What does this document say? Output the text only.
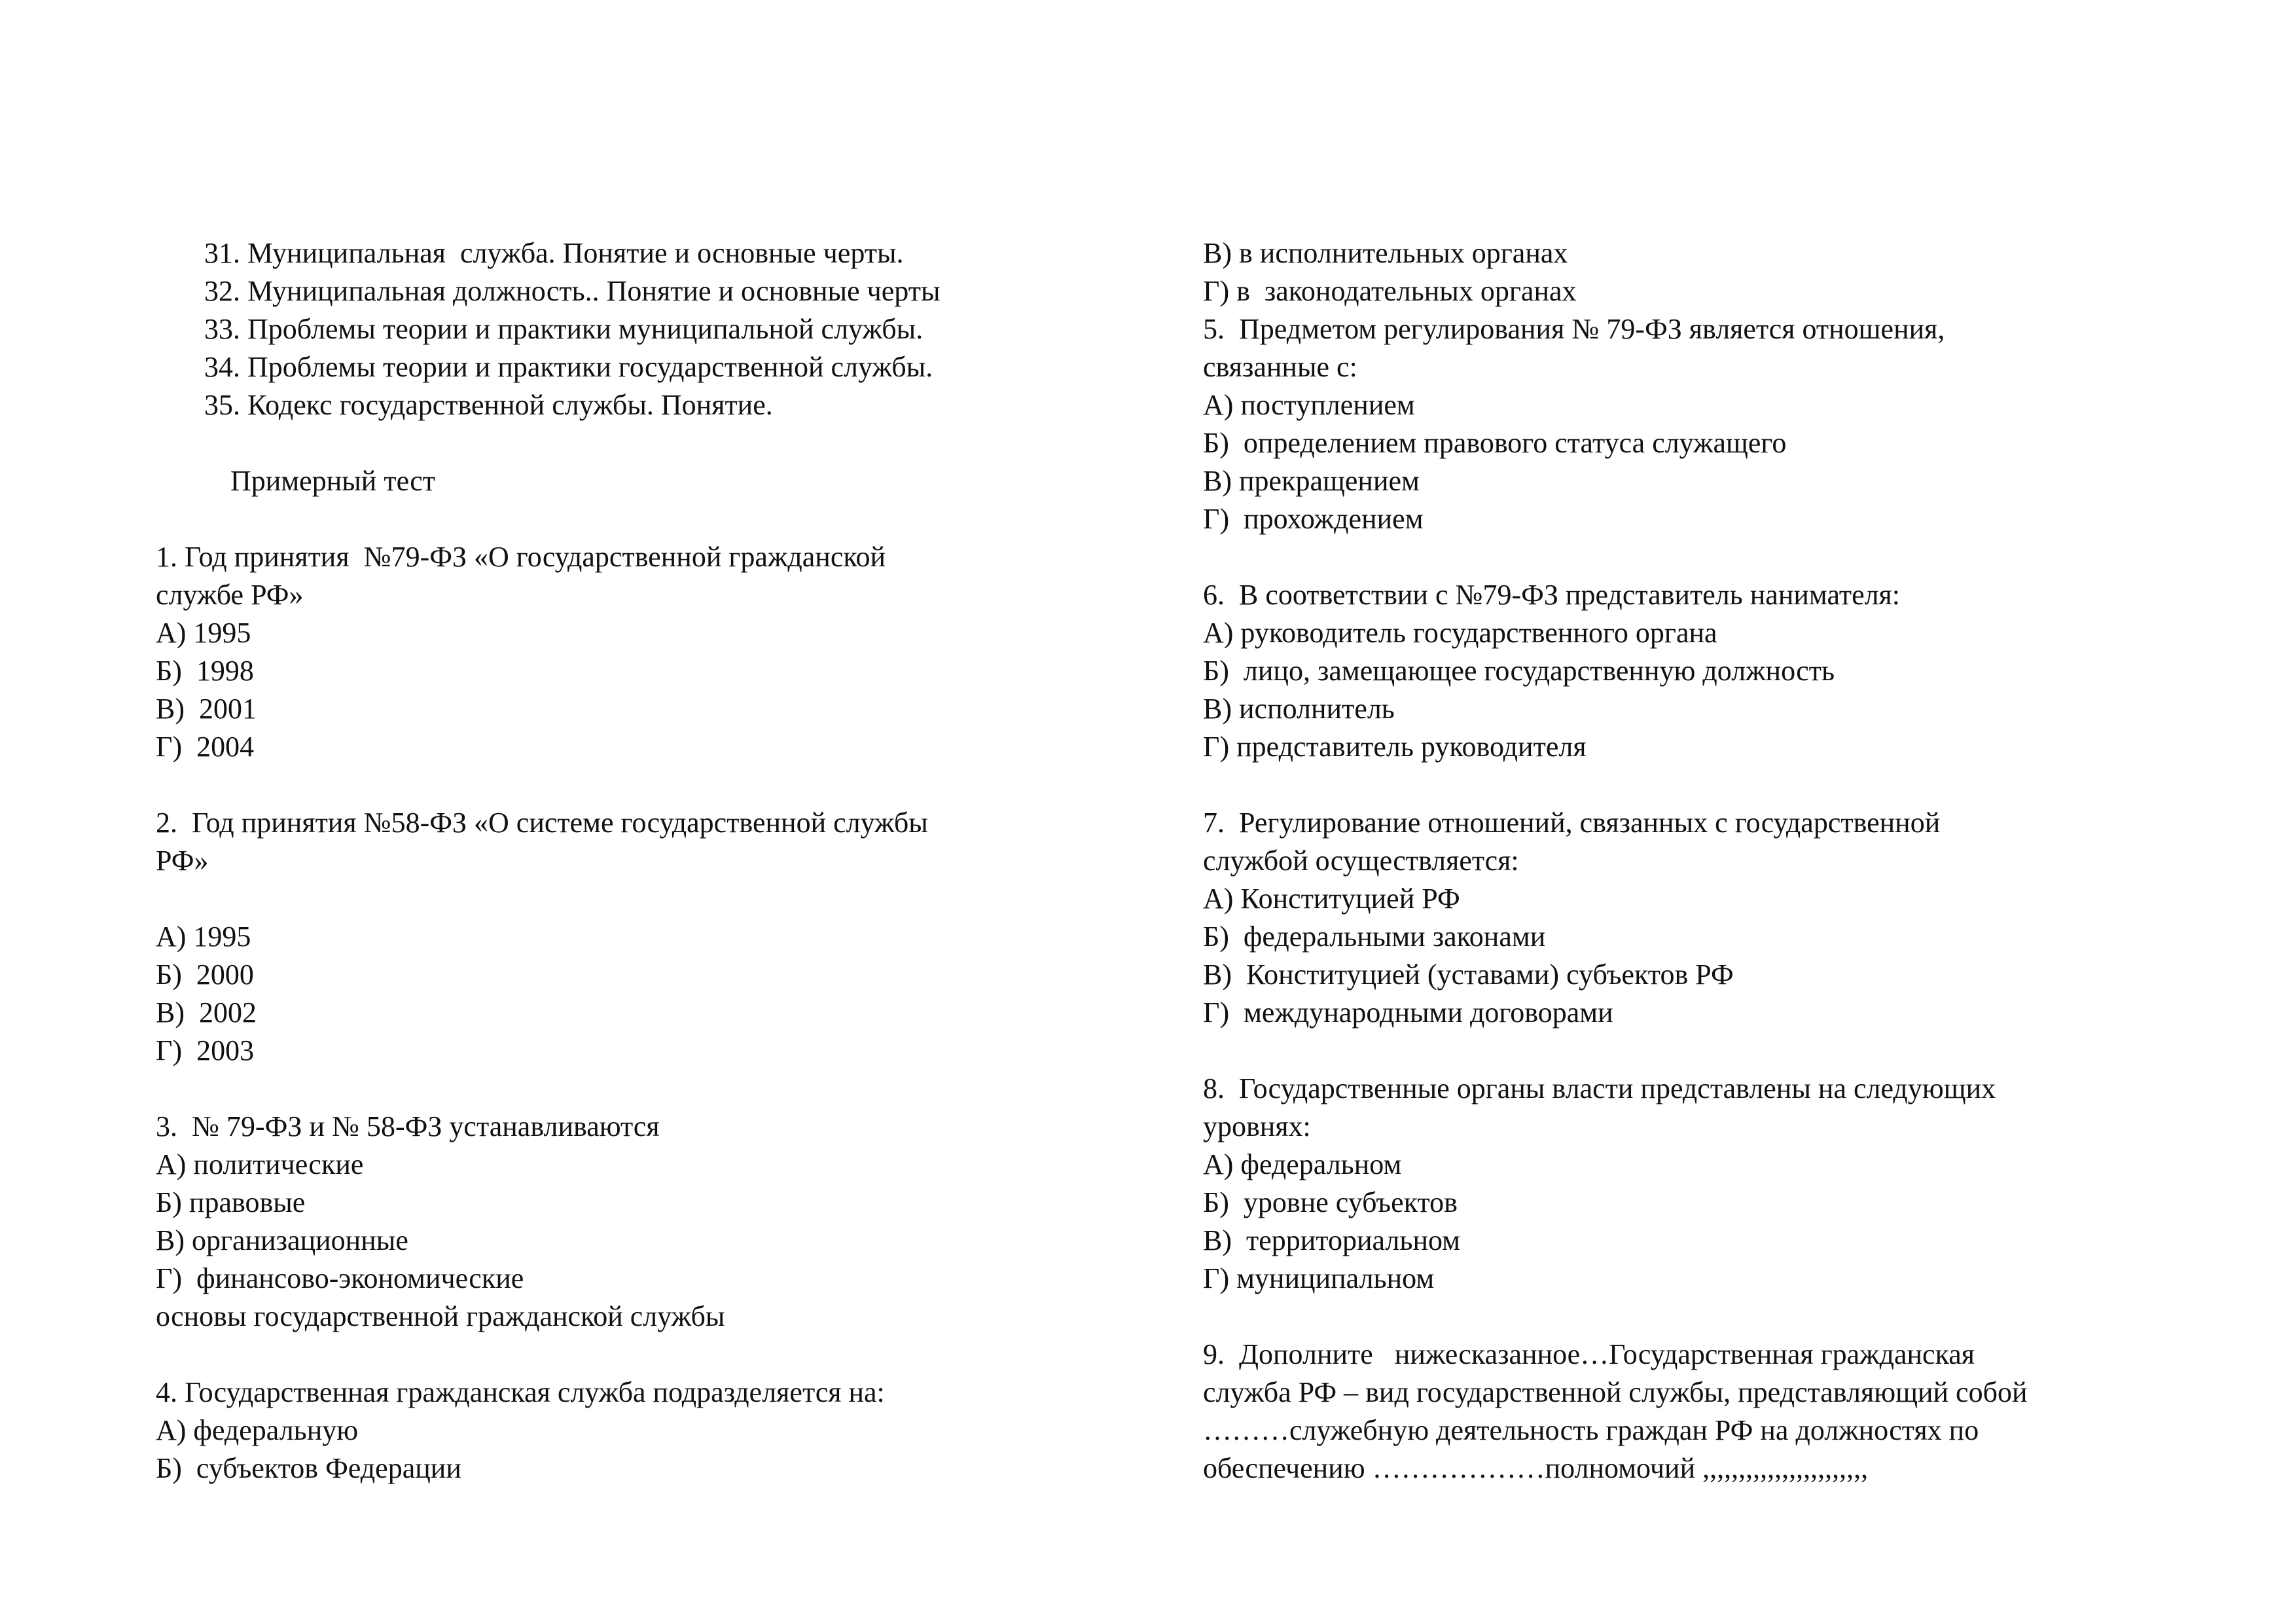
31. Муниципальная  служба. Понятие и основные черты.
32. Муниципальная должность.. Понятие и основные черты
33. Проблемы теории и практики муниципальной службы.
34. Проблемы теории и практики государственной службы.
35. Кодекс государственной службы. Понятие.
Примерный тест
1. Год принятия  №79-ФЗ «О государственной гражданской
службе РФ»
А) 1995
Б)  1998
В)  2001
Г)  2004
2.  Год принятия №58-ФЗ «О системе государственной службы
РФ»
А) 1995
Б)  2000
В)  2002
Г)  2003
3.  № 79-ФЗ и № 58-ФЗ устанавливаются
А) политические
Б) правовые
В) организационные
Г)  финансово-экономические
основы государственной гражданской службы
4. Государственная гражданская служба подразделяется на:
А) федеральную
Б)  субъектов Федерации
В) в исполнительных органах
Г) в  законодательных органах
5.  Предметом регулирования № 79-ФЗ является отношения,
связанные с:
А) поступлением
Б)  определением правового статуса служащего
В) прекращением
Г)  прохождением
6.  В соответствии с №79-ФЗ представитель нанимателя:
А) руководитель государственного органа
Б)  лицо, замещающее государственную должность
В) исполнитель
Г) представитель руководителя
7.  Регулирование отношений, связанных с государственной
службой осуществляется:
А) Конституцией РФ
Б)  федеральными законами
В)  Конституцией (уставами) субъектов РФ
Г)  международными договорами
8.  Государственные органы власти представлены на следующих
уровнях:
А) федеральном
Б)  уровне субъектов
В)  территориальном
Г) муниципальном
9.  Дополните   нижесказанное…Государственная гражданская
служба РФ – вид государственной службы, представляющий собой
………служебную деятельность граждан РФ на должностях по
обеспечению ………………полномочий ,,,,,,,,,,,,,,,,,,,,,,,
